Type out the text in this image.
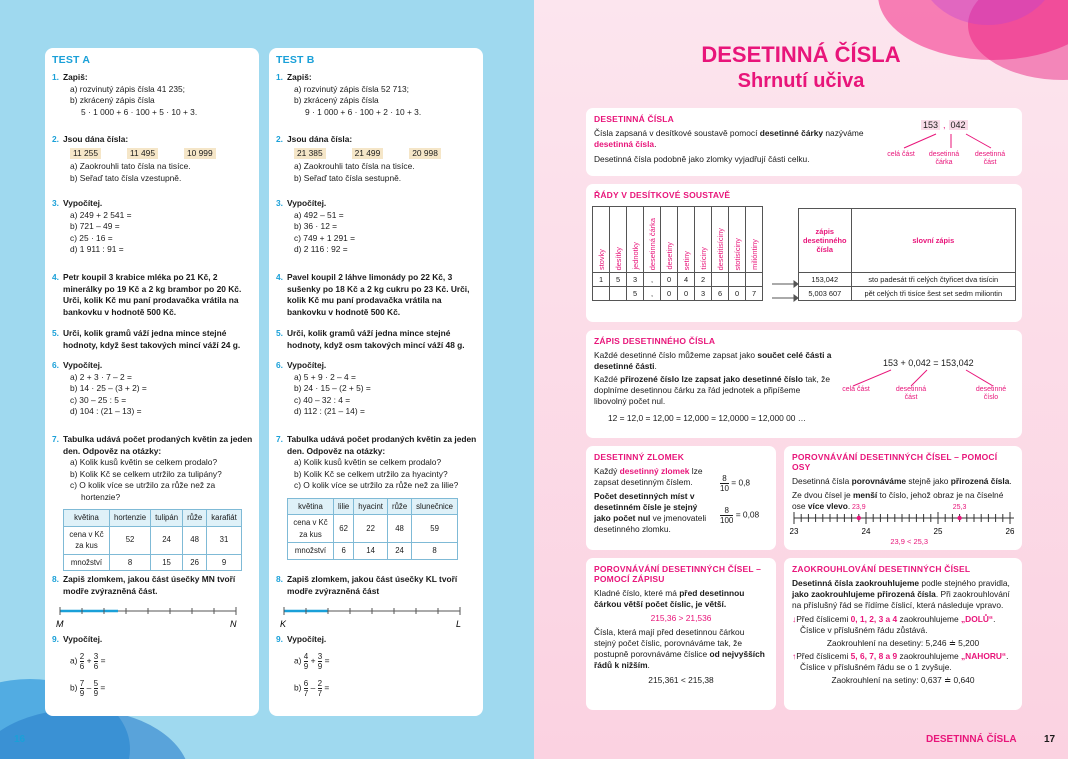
TEST A
1. Zapiš:
a) rozvinutý zápis čísla 41 235;
b) zkrácený zápis čísla
5 · 1 000 + 6 · 100 + 5 · 10 + 3.
2. Jsou dána čísla:
11 255	11 495	10 999
a) Zaokrouhli tato čísla na tisíce.
b) Seřaď tato čísla vzestupně.
3. Vypočítej.
a) 249 + 2 541 =
b) 721 – 49 =
c) 25 · 16 =
d) 1 911 : 91 =
4. Petr koupil 3 krabice mléka po 21 Kč, 2 minerálky po 19 Kč a 2 kg brambor po 20 Kč. Urči, kolik Kč mu paní prodavačka vrátila na bankovku v hodnotě 500 Kč.
5. Urči, kolik gramů váží jedna mince stejné hodnoty, když šest takových mincí váží 24 g.
6. Vypočítej.
a) 2 + 3 · 7 – 2 =
b) 14 · 25 – (3 + 2) =
c) 30 – 25 : 5 =
d) 104 : (21 – 13) =
7. Tabulka udává počet prodaných květin za jeden den. Odpověz na otázky:
a) Kolik kusů květin se celkem prodalo?
b) Kolik Kč se celkem utržilo za tulipány?
c) O kolik více se utržilo za růže než za hortenzie?
květina	hortenzie	tulipán	růže	karafiát
cena v Kč za kus	52	24	48	31
množství	8	15	26	9
8. Zapiš zlomkem, jakou část úsečky MN tvoří modře zvýrazněná část.
M	N
9. Vypočítej.
$a) \frac{2}{6} + \frac{3}{6}$ =
$b) \frac{7}{9} - \frac{5}{9}$ =
TEST B
1. Zapiš:
a) rozvinutý zápis čísla 52 713;
b) zkrácený zápis čísla
9 · 1 000 + 6 · 100 + 2 · 10 + 3.
2. Jsou dána čísla:
21 385	21 499	20 998
a) Zaokrouhli tato čísla na tisíce.
b) Seřaď tato čísla sestupně.
3. Vypočítej.
a) 492 – 51 =
b) 36 · 12 =
c) 749 + 1 291 =
d) 2 116 : 92 =
4. Pavel koupil 2 láhve limonády po 22 Kč, 3 sušenky po 18 Kč a 2 kg cukru po 23 Kč. Urči, kolik Kč mu paní prodavačka vrátila na bankovku v hodnotě 500 Kč.
5. Urči, kolik gramů váží jedna mince stejné hodnoty, když osm takových mincí váží 48 g.
6. Vypočítej.
a) 5 + 9 · 2 – 4 =
b) 24 · 15 – (2 + 5) =
c) 40 – 32 : 4 =
d) 112 : (21 – 14) =
7. Tabulka udává počet prodaných květin za jeden den. Odpověz na otázky:
a) Kolik kusů květin se celkem prodalo?
b) Kolik Kč se celkem utržilo za hyacinty?
c) O kolik více se utržilo za růže než za lilie?
květina	lilie	hyacint	růže	slunečnice
cena v Kč za kus	62	22	48	59
množství	6	14	24	8
8. Zapiš zlomkem, jakou část úsečky KL tvoří modře zvýrazněná část
K	L
9. Vypočítej.
$a) \frac{4}{9} + \frac{3}{9}$ =
$b) \frac{6}{7} - \frac{2}{7}$ =
16
DESETINNÁ ČÍSLA
Shrnutí učiva
DESETINNÁ ČÍSLA
Čísla zapsaná v desítkové soustavě pomocí desetinné čárky nazýváme desetinná čísla.
Desetinná čísla podobně jako zlomky vyjadřují části celku.
153 , 042
celá část	desetinná čárka
desetinná část
ŘÁDY V DESÍTKOVÉ SOUSTAVĚ
stovky	desítky	jednotky	desetinná čárka	desetiny	setiny	tisíciny	desetitisíciny	stotisíciny	milióntiny

1	5	3	,	0	4	2			
		5	,	0	0	3	6	0	7
zápis desetinného čísla	slovní zápis
153,042	sto padesát tři celých čtyřicet dva tisícin
5,003 607	pět celých tři tisíce šest set sedm miliontin
ZÁPIS DESETINNÉHO ČÍSLA
Každé desetinné číslo můžeme zapsat jako součet celé části a desetinné části.
Každé přirozené číslo lze zapsat jako desetinné číslo tak, že doplníme desetinnou čárku za řád jednotek a připíšeme libovolný počet nul.
12 = 12,0 = 12,00 = 12,000 = 12,0000 = 12,000 00 …
153 + 0,042 = 153,042
celá část	desetinná část
desetinné číslo
DESETINNÝ ZLOMEK
Každý desetinný zlomek lze zapsat desetinným číslem.
Počet desetinných míst v desetinném čísle je stejný jako počet nul ve jmenovateli desetinného zlomku.
$\frac{8}{10} = 0,8$
$\frac{8}{100} = 0,08$
POROVNÁVÁNÍ DESETINNÝCH ČÍSEL – POMOCÍ OSY
Desetinná čísla porovnáváme stejně jako přirozená čísla.
Ze dvou čísel je menší to číslo, jehož obraz je na číselné ose více vlevo.
23	24	25	26
23,9	25,3
23,9 < 25,3
POROVNÁVÁNÍ DESETINNÝCH ČÍSEL – POMOCÍ ZÁPISU
Kladné číslo, které má před desetinnou čárkou větší počet číslic, je větší.
215,36 > 21,536
Čísla, která mají před desetinnou čárkou stejný počet číslic, porovnáváme tak, že postupně porovnáváme číslice od nejvyšších řádů k nižším.
215,361 < 215,38
ZAOKROUHLOVÁNÍ DESETINNÝCH ČÍSEL
Desetinná čísla zaokrouhlujeme podle stejného pravidla, jako zaokrouhlujeme přirozená čísla. Při zaokrouhlování na příslušný řád se řídíme číslicí, která následuje vpravo.
↓Před číslicemi 0, 1, 2, 3 a 4 zaokrouhlujeme „DOLŮ“. Číslice v příslušném řádu zůstává.
Zaokrouhlení na desetiny: 5,246 ≐ 5,200
↑Před číslicemi 5, 6, 7, 8 a 9 zaokrouhlujeme „NAHORU“. Číslice v příslušném řádu se o 1 zvyšuje.
Zaokrouhlení na setiny: 0,637 ≐ 0,640
DESETINNÁ ČÍSLA	17
